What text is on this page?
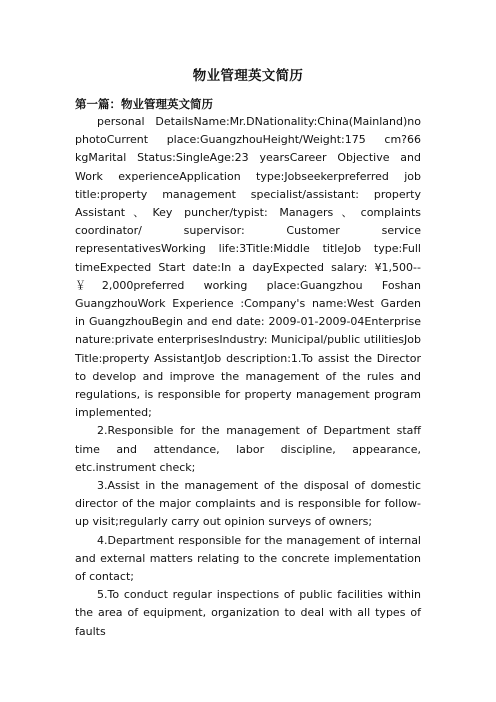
物业管理英文简历
第一篇：物业管理英文简历

personal DetailsName:Mr.DNationality:China(Mainland)no photoCurrent place:GuangzhouHeight/Weight:175 cm?66 kgMarital Status:SingleAge:23 yearsCareer Objective and Work experienceApplication type:Jobseekerpreferred job title:property management specialist/assistant: property Assistant、Key puncher/typist: Managers、complaints coordinator/ supervisor: Customer service representativesWorking life:3Title:Middle titleJob type:Full timeExpected Start date:In a dayExpected salary: ¥1,500--￥2,000preferred working place:Guangzhou Foshan GuangzhouWork Experience :Company's name:West Garden in GuangzhouBegin and end date: 2009-01-2009-04Enterprise nature:private enterprisesIndustry: Municipal/public utilitiesJob Title:property AssistantJob description:1.To assist the Director to develop and improve the management of the rules and regulations, is responsible for property management program implemented;

2.Responsible for the management of Department staff time and attendance, labor discipline, appearance, etc.instrument check;

3.Assist in the management of the disposal of domestic director of the major complaints and is responsible for follow-up visit;regularly carry out opinion surveys of owners;

4.Department responsible for the management of internal and external matters relating to the concrete implementation of contact;

5.To conduct regular inspections of public facilities within the area of equipment, organization to deal with all types of faults
